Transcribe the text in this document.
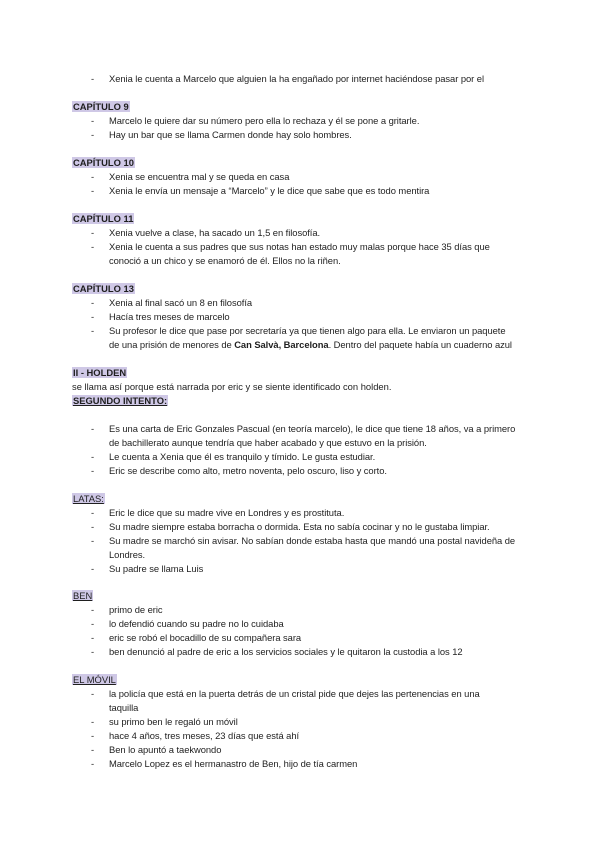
- Xenia le cuenta a Marcelo que alguien la ha engañado por internet haciéndose pasar por el
CAPÍTULO 9
- Marcelo le quiere dar su número pero ella lo rechaza y él se pone a gritarle.
- Hay un bar que se llama Carmen donde hay solo hombres.
CAPÍTULO 10
- Xenia se encuentra mal y se queda en casa
- Xenia le envía un mensaje a “Marcelo” y le dice que sabe que es todo mentira
CAPÍTULO 11
- Xenia vuelve a clase, ha sacado un 1,5 en filosofía.
- Xenia le cuenta a sus padres que sus notas han estado muy malas porque hace 35 días que
conoció a un chico y se enamoró de él. Ellos no la riñen.
CAPÍTULO 13
- Xenia al final sacó un 8 en filosofía
- Hacía tres meses de marcelo
- Su profesor le dice que pase por secretaría ya que tienen algo para ella. Le enviaron un paquete
de una prisión de menores de Can Salvà, Barcelona. Dentro del paquete había un cuaderno azul
II - HOLDEN
se llama así porque está narrada por eric y se siente identificado con holden.
SEGUNDO INTENTO:
- Es una carta de Eric Gonzales Pascual (en teoría marcelo), le dice que tiene 18 años, va a primero
de bachillerato aunque tendría que haber acabado y que estuvo en la prisión.
- Le cuenta a Xenia que él es tranquilo y tímido. Le gusta estudiar.
- Eric se describe como alto, metro noventa, pelo oscuro, liso y corto.
LATAS:
- Eric le dice que su madre vive en Londres y es prostituta.
- Su madre siempre estaba borracha o dormida. Esta no sabía cocinar y no le gustaba limpiar.
- Su madre se marchó sin avisar. No sabían donde estaba hasta que mandó una postal navideña de
Londres.
- Su padre se llama Luis
BEN
- primo de eric
- lo defendió cuando su padre no lo cuidaba
- eric se robó el bocadillo de su compañera sara
- ben denunció al padre de eric a los servicios sociales y le quitaron la custodia a los 12
EL MÓVIL
- la policía que está en la puerta detrás de un cristal pide que dejes las pertenencias en una
taquilla
- su primo ben le regaló un móvil
- hace 4 años, tres meses, 23 días que está ahí
- Ben lo apuntó a taekwondo
- Marcelo Lopez es el hermanastro de Ben, hijo de tía carmen
